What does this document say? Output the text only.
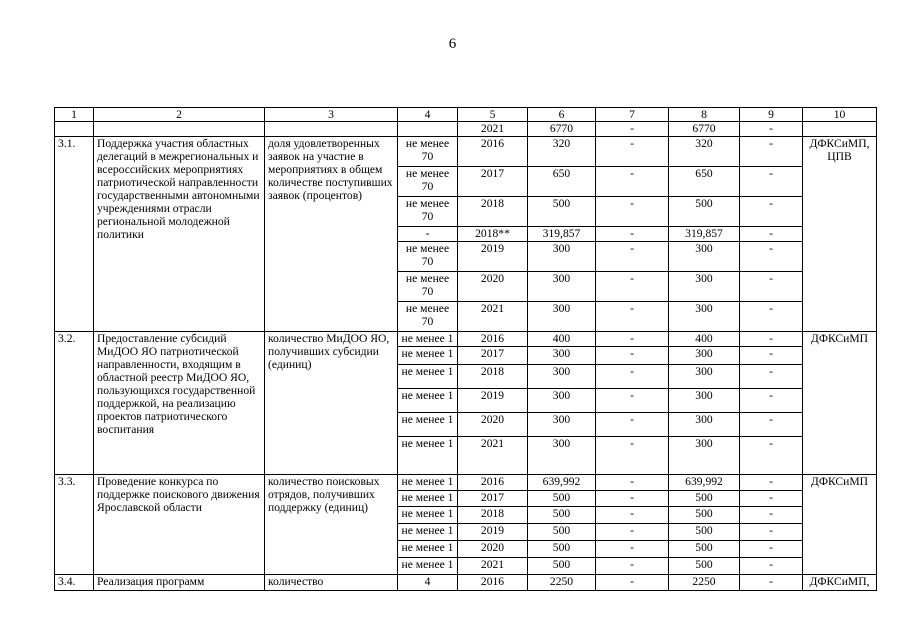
6
1	2	3	4	5	6	7	8	9	10
				2021	6770	-	6770	-	
3.1.	Поддержка участия областных делегаций в межрегиональных и всероссийских мероприятиях патриотической направленности государственными автономными учреждениями отрасли региональной молодежной политики	доля удовлетворенных заявок на участие в мероприятиях в общем количестве поступивших заявок (процентов)	не менее 70	2016	320	-	320	-	ДФКСиМП, ЦПВ
			не менее 70	2017	650	-	650	-	
			не менее 70	2018	500	-	500	-	
			-	2018**	319,857	-	319,857	-	
			не менее 70	2019	300	-	300	-	
			не менее 70	2020	300	-	300	-	
			не менее 70	2021	300	-	300	-	
3.2.	Предоставление субсидий МиДОО ЯО патриотической направленности, входящим в областной реестр МиДОО ЯО, пользующихся государственной поддержкой, на реализацию проектов патриотического воспитания	количество МиДОО ЯО, получивших субсидии (единиц)	не менее 1	2016	400	-	400	-	ДФКСиМП
			не менее 1	2017	300	-	300	-	
			не менее 1	2018	300	-	300	-	
			не менее 1	2019	300	-	300	-	
			не менее 1	2020	300	-	300	-	
			не менее 1	2021	300	-	300	-	
3.3.	Проведение конкурса по поддержке поискового движения Ярославской области	количество поисковых отрядов, получивших поддержку (единиц)	не менее 1	2016	639,992	-	639,992	-	ДФКСиМП
			не менее 1	2017	500	-	500	-	
			не менее 1	2018	500	-	500	-	
			не менее 1	2019	500	-	500	-	
			не менее 1	2020	500	-	500	-	
			не менее 1	2021	500	-	500	-	
3.4.	Реализация программ	количество	4	2016	2250	-	2250	-	ДФКСиМП,
